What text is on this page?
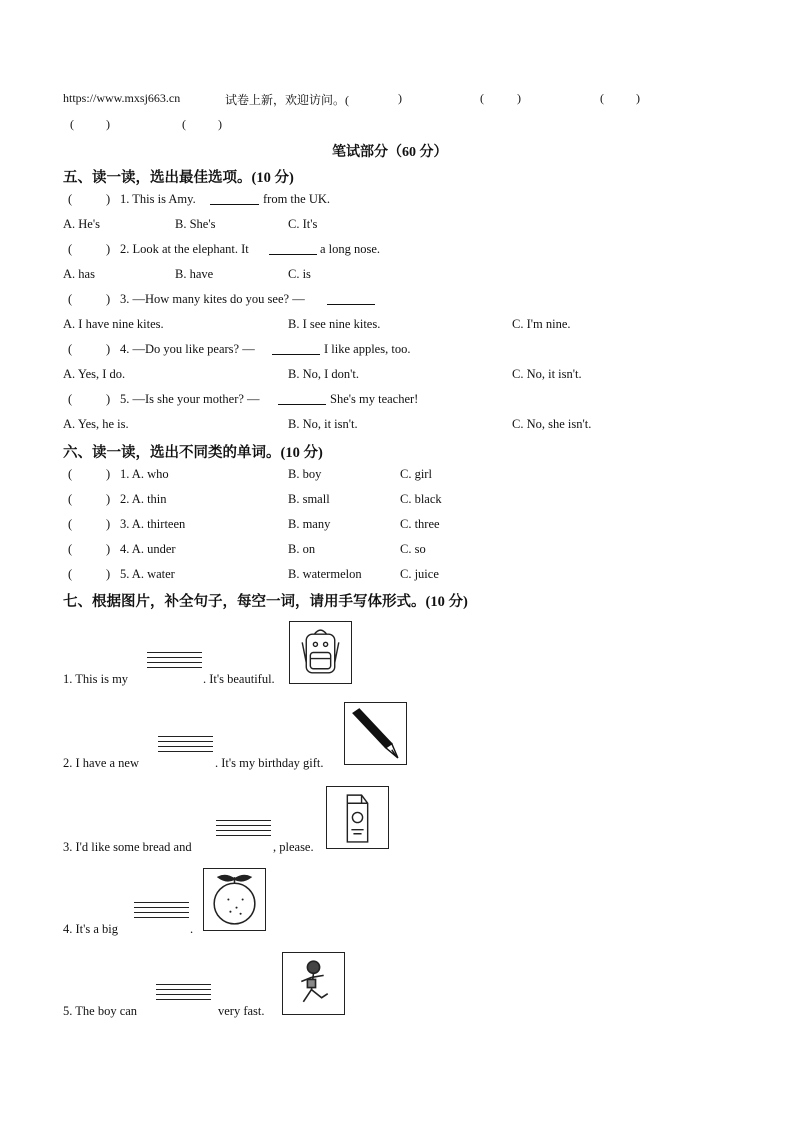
https://www.mxsj663.cn	试卷上新，欢迎访问。(	)	(	)	(	)
(	)	(	)
笔试部分（60 分）
五、读一读，选出最佳选项。(10 分)
(	) 1. This is Amy.	from the UK.
A. He's	B. She's	C. It's
(	) 2. Look at the elephant. It	a long nose.
A. has	B. have	C. is
(	) 3. —How many kites do you see? —
A. I have nine kites.	B. I see nine kites.	C. I'm nine.
(	) 4. —Do you like pears? —	I like apples, too.
A. Yes, I do.	B. No, I don't.	C. No, it isn't.
(	) 5. —Is she your mother? —	She's my teacher!
A. Yes, he is.	B. No, it isn't.	C. No, she isn't.
六、读一读，选出不同类的单词。(10 分)
(	) 1. A. who	B. boy	C. girl
(	) 2. A. thin	B. small	C. black
(	) 3. A. thirteen	B. many	C. three
(	) 4. A. under	B. on	C. so
(	) 5. A. water	B. watermelon	C. juice
七、根据图片，补全句子，每空一词，请用手写体形式。(10 分)
1. This is my	. It's beautiful.
2. I have a new	. It's my birthday gift.
3. I'd like some bread and	, please.
4. It's a big	.
5. The boy can	very fast.
